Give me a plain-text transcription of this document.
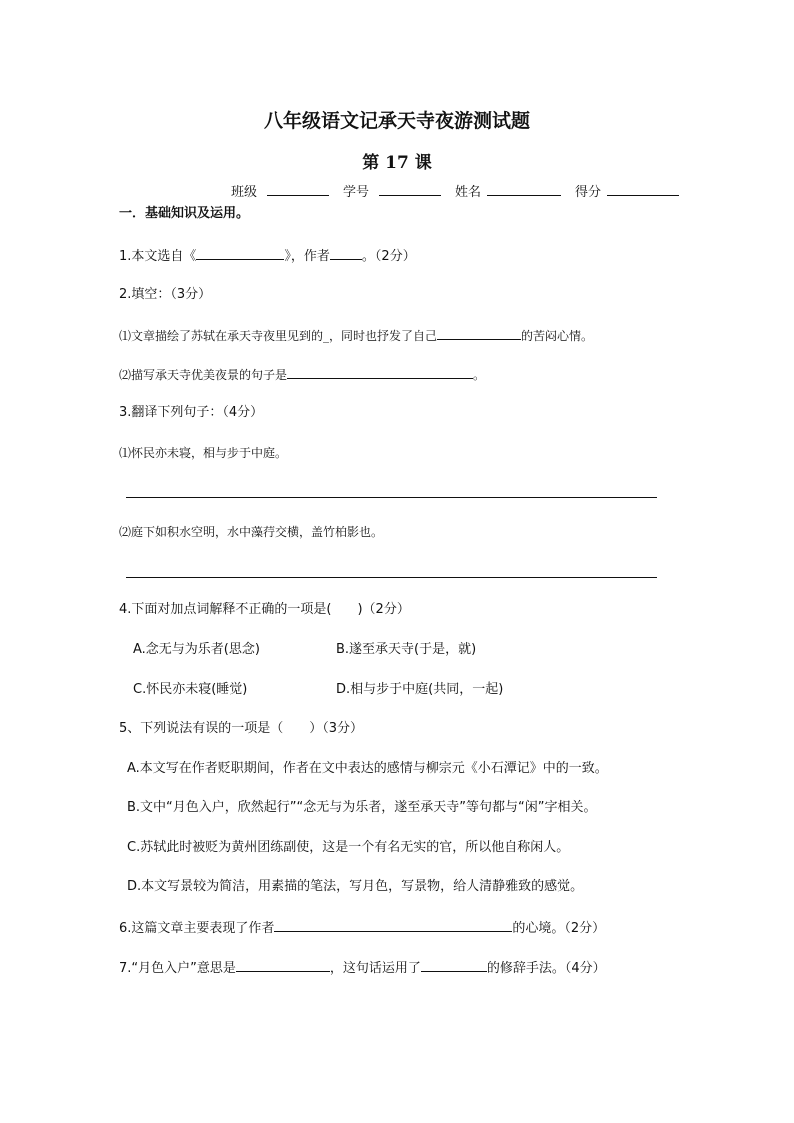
八年级语文记承天寺夜游测试题
第 17 课
班级	学号	姓名	得分
一．基础知识及运用。
1.本文选自《	》，作者 。（2分）
2.填空：（3分）
⑴文章描绘了苏轼在承天寺夜里见到的_，同时也抒发了自己	的苦闷心情。
⑵描写承天寺优美夜景的句子是	。
3.翻译下列句子：（4分）
⑴怀民亦未寝，相与步于中庭。
⑵庭下如积水空明，水中藻荇交横，盖竹柏影也。
4.下面对加点词解释不正确的一项是(　　)（2分）
A.念无与为乐者(思念)	B.遂至承天寺(于是，就)
C.怀民亦未寝(睡觉)	D.相与步于中庭(共同，一起)
5、下列说法有误的一项是（　　）（3分）
A.本文写在作者贬职期间，作者在文中表达的感情与柳宗元《小石潭记》中的一致。
B.文中“月色入户，欣然起行”“念无与为乐者，遂至承天寺”等句都与“闲”字相关。
C.苏轼此时被贬为黄州团练副使，这是一个有名无实的官，所以他自称闲人。
D.本文写景较为简洁，用素描的笔法，写月色，写景物，给人清静雅致的感觉。
6.这篇文章主要表现了作者	的心境。（2分）
7.“月色入户”意思是	，这句话运用了	的修辞手法。（4分）
